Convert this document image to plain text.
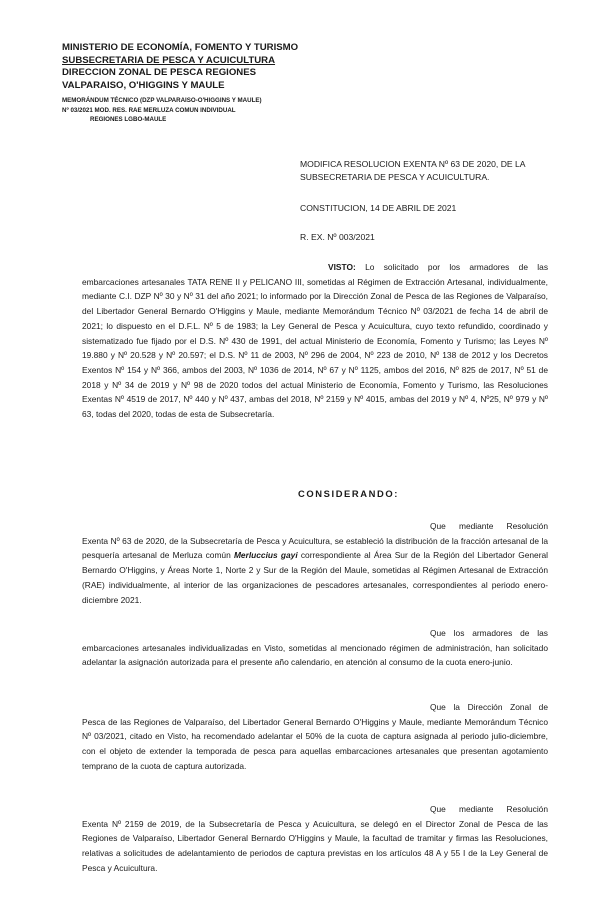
MINISTERIO DE ECONOMÍA, FOMENTO Y TURISMO
SUBSECRETARIA DE PESCA Y ACUICULTURA
DIRECCION ZONAL DE PESCA REGIONES
VALPARAISO, O'HIGGINS Y MAULE
MEMORÁNDUM TÉCNICO (DZP VALPARAISO-O'HIGGINS Y MAULE)
Nº 03/2021 MOD. RES. RAE MERLUZA COMUN INDIVIDUAL
REGIONES LGBO-MAULE
MODIFICA RESOLUCION EXENTA Nº 63 DE 2020, DE LA SUBSECRETARIA DE PESCA Y ACUICULTURA.
CONSTITUCION, 14 DE ABRIL DE 2021
R. EX. Nº 003/2021

VISTO: Lo solicitado por los armadores de las embarcaciones artesanales TATA RENE II y PELICANO III, sometidas al Régimen de Extracción Artesanal, individualmente, mediante C.I. DZP Nº 30 y Nº 31 del año 2021; lo informado por la Dirección Zonal de Pesca de las Regiones de Valparaíso, del Libertador General Bernardo O'Higgins y Maule, mediante Memorándum Técnico Nº 03/2021 de fecha 14 de abril de 2021; lo dispuesto en el D.F.L. Nº 5 de 1983; la Ley General de Pesca y Acuicultura, cuyo texto refundido, coordinado y sistematizado fue fijado por el D.S. Nº 430 de 1991, del actual Ministerio de Economía, Fomento y Turismo; las Leyes Nº 19.880 y Nº 20.528 y Nº 20.597; el D.S. Nº 11 de 2003, Nº 296 de 2004, Nº 223 de 2010, Nº 138 de 2012 y los Decretos Exentos Nº 154 y Nº 366, ambos del 2003, Nº 1036 de 2014, Nº 67 y Nº 1125, ambos del 2016, Nº 825 de 2017, Nº 51 de 2018 y Nº 34 de 2019 y Nº 98 de 2020 todos del actual Ministerio de Economía, Fomento y Turismo, las Resoluciones Exentas Nº 4519 de 2017, Nº 440 y Nº 437, ambas del 2018, Nº 2159 y Nº 4015, ambas del 2019 y Nº 4, Nº25, Nº 979 y Nº 63, todas del 2020, todas de esta de Subsecretaría.

CONSIDERANDO:

Que mediante Resolución Exenta Nº 63 de 2020, de la Subsecretaría de Pesca y Acuicultura, se estableció la distribución de la fracción artesanal de la pesquería artesanal de Merluza común Merluccius gayi correspondiente al Área Sur de la Región del Libertador General Bernardo O'Higgins, y Áreas Norte 1, Norte 2 y Sur de la Región del Maule, sometidas al Régimen Artesanal de Extracción (RAE) individualmente, al interior de las organizaciones de pescadores artesanales, correspondientes al periodo enero-diciembre 2021.

Que los armadores de las embarcaciones artesanales individualizadas en Visto, sometidas al mencionado régimen de administración, han solicitado adelantar la asignación autorizada para el presente año calendario, en atención al consumo de la cuota enero-junio.

Que la Dirección Zonal de Pesca de las Regiones de Valparaíso, del Libertador General Bernardo O'Higgins y Maule, mediante Memorándum Técnico Nº 03/2021, citado en Visto, ha recomendado adelantar el 50% de la cuota de captura asignada al periodo julio-diciembre, con el objeto de extender la temporada de pesca para aquellas embarcaciones artesanales que presentan agotamiento temprano de la cuota de captura autorizada.

Que mediante Resolución Exenta Nº 2159 de 2019, de la Subsecretaría de Pesca y Acuicultura, se delegó en el Director Zonal de Pesca de las Regiones de Valparaíso, Libertador General Bernardo O'Higgins y Maule, la facultad de tramitar y firmas las Resoluciones, relativas a solicitudes de adelantamiento de periodos de captura previstas en los artículos 48 A y 55 I de la Ley General de Pesca y Acuicultura.
